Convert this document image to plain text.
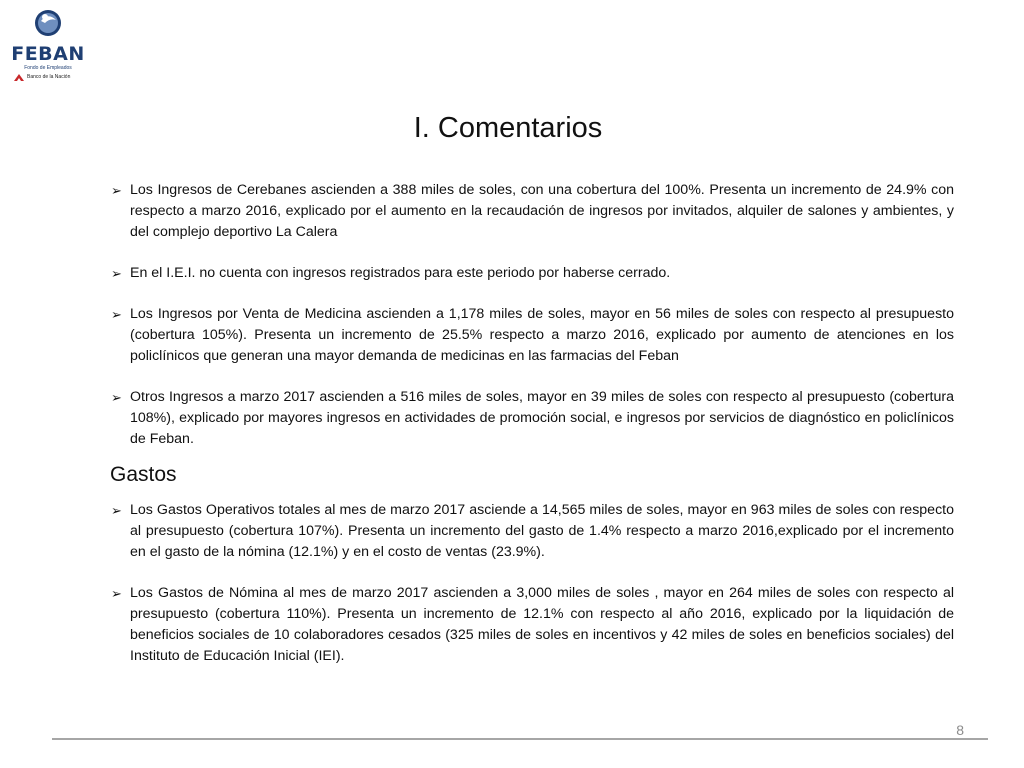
FEBAN
Fondo de Empleados
Banco de la Nación
I. Comentarios
➢ Los Ingresos de Cerebanes ascienden a 388 miles de soles, con una cobertura del 100%. Presenta un incremento de 24.9% con respecto a marzo 2016, explicado por el aumento en la recaudación de ingresos por invitados, alquiler de salones y ambientes, y del complejo deportivo La Calera
➢ En el I.E.I. no cuenta con ingresos registrados para este periodo por haberse cerrado.
➢ Los Ingresos por Venta de Medicina ascienden a 1,178 miles de soles, mayor en 56 miles de soles con respecto al presupuesto (cobertura 105%). Presenta un incremento de 25.5% respecto a marzo 2016, explicado por aumento de atenciones en los policlínicos que generan una mayor demanda de medicinas en las farmacias del Feban
➢ Otros Ingresos a marzo 2017 ascienden a 516 miles de soles, mayor en 39 miles de soles con respecto al presupuesto (cobertura 108%), explicado por mayores ingresos en actividades de promoción social, e ingresos por servicios de diagnóstico en policlínicos de Feban.
Gastos
➢ Los Gastos Operativos totales al mes de marzo 2017 asciende a 14,565 miles de soles, mayor en 963 miles de soles con respecto al presupuesto (cobertura 107%). Presenta un incremento del gasto de 1.4% respecto a marzo 2016,explicado por el incremento en el gasto de la nómina (12.1%) y en el costo de ventas (23.9%).
➢ Los Gastos de Nómina al mes de marzo 2017 ascienden a 3,000 miles de soles , mayor en 264 miles de soles con respecto al presupuesto (cobertura 110%). Presenta un incremento de 12.1% con respecto al año 2016, explicado por la liquidación de beneficios sociales de 10 colaboradores cesados (325 miles de soles en incentivos y 42 miles de soles en beneficios sociales) del Instituto de Educación Inicial (IEI).
8
